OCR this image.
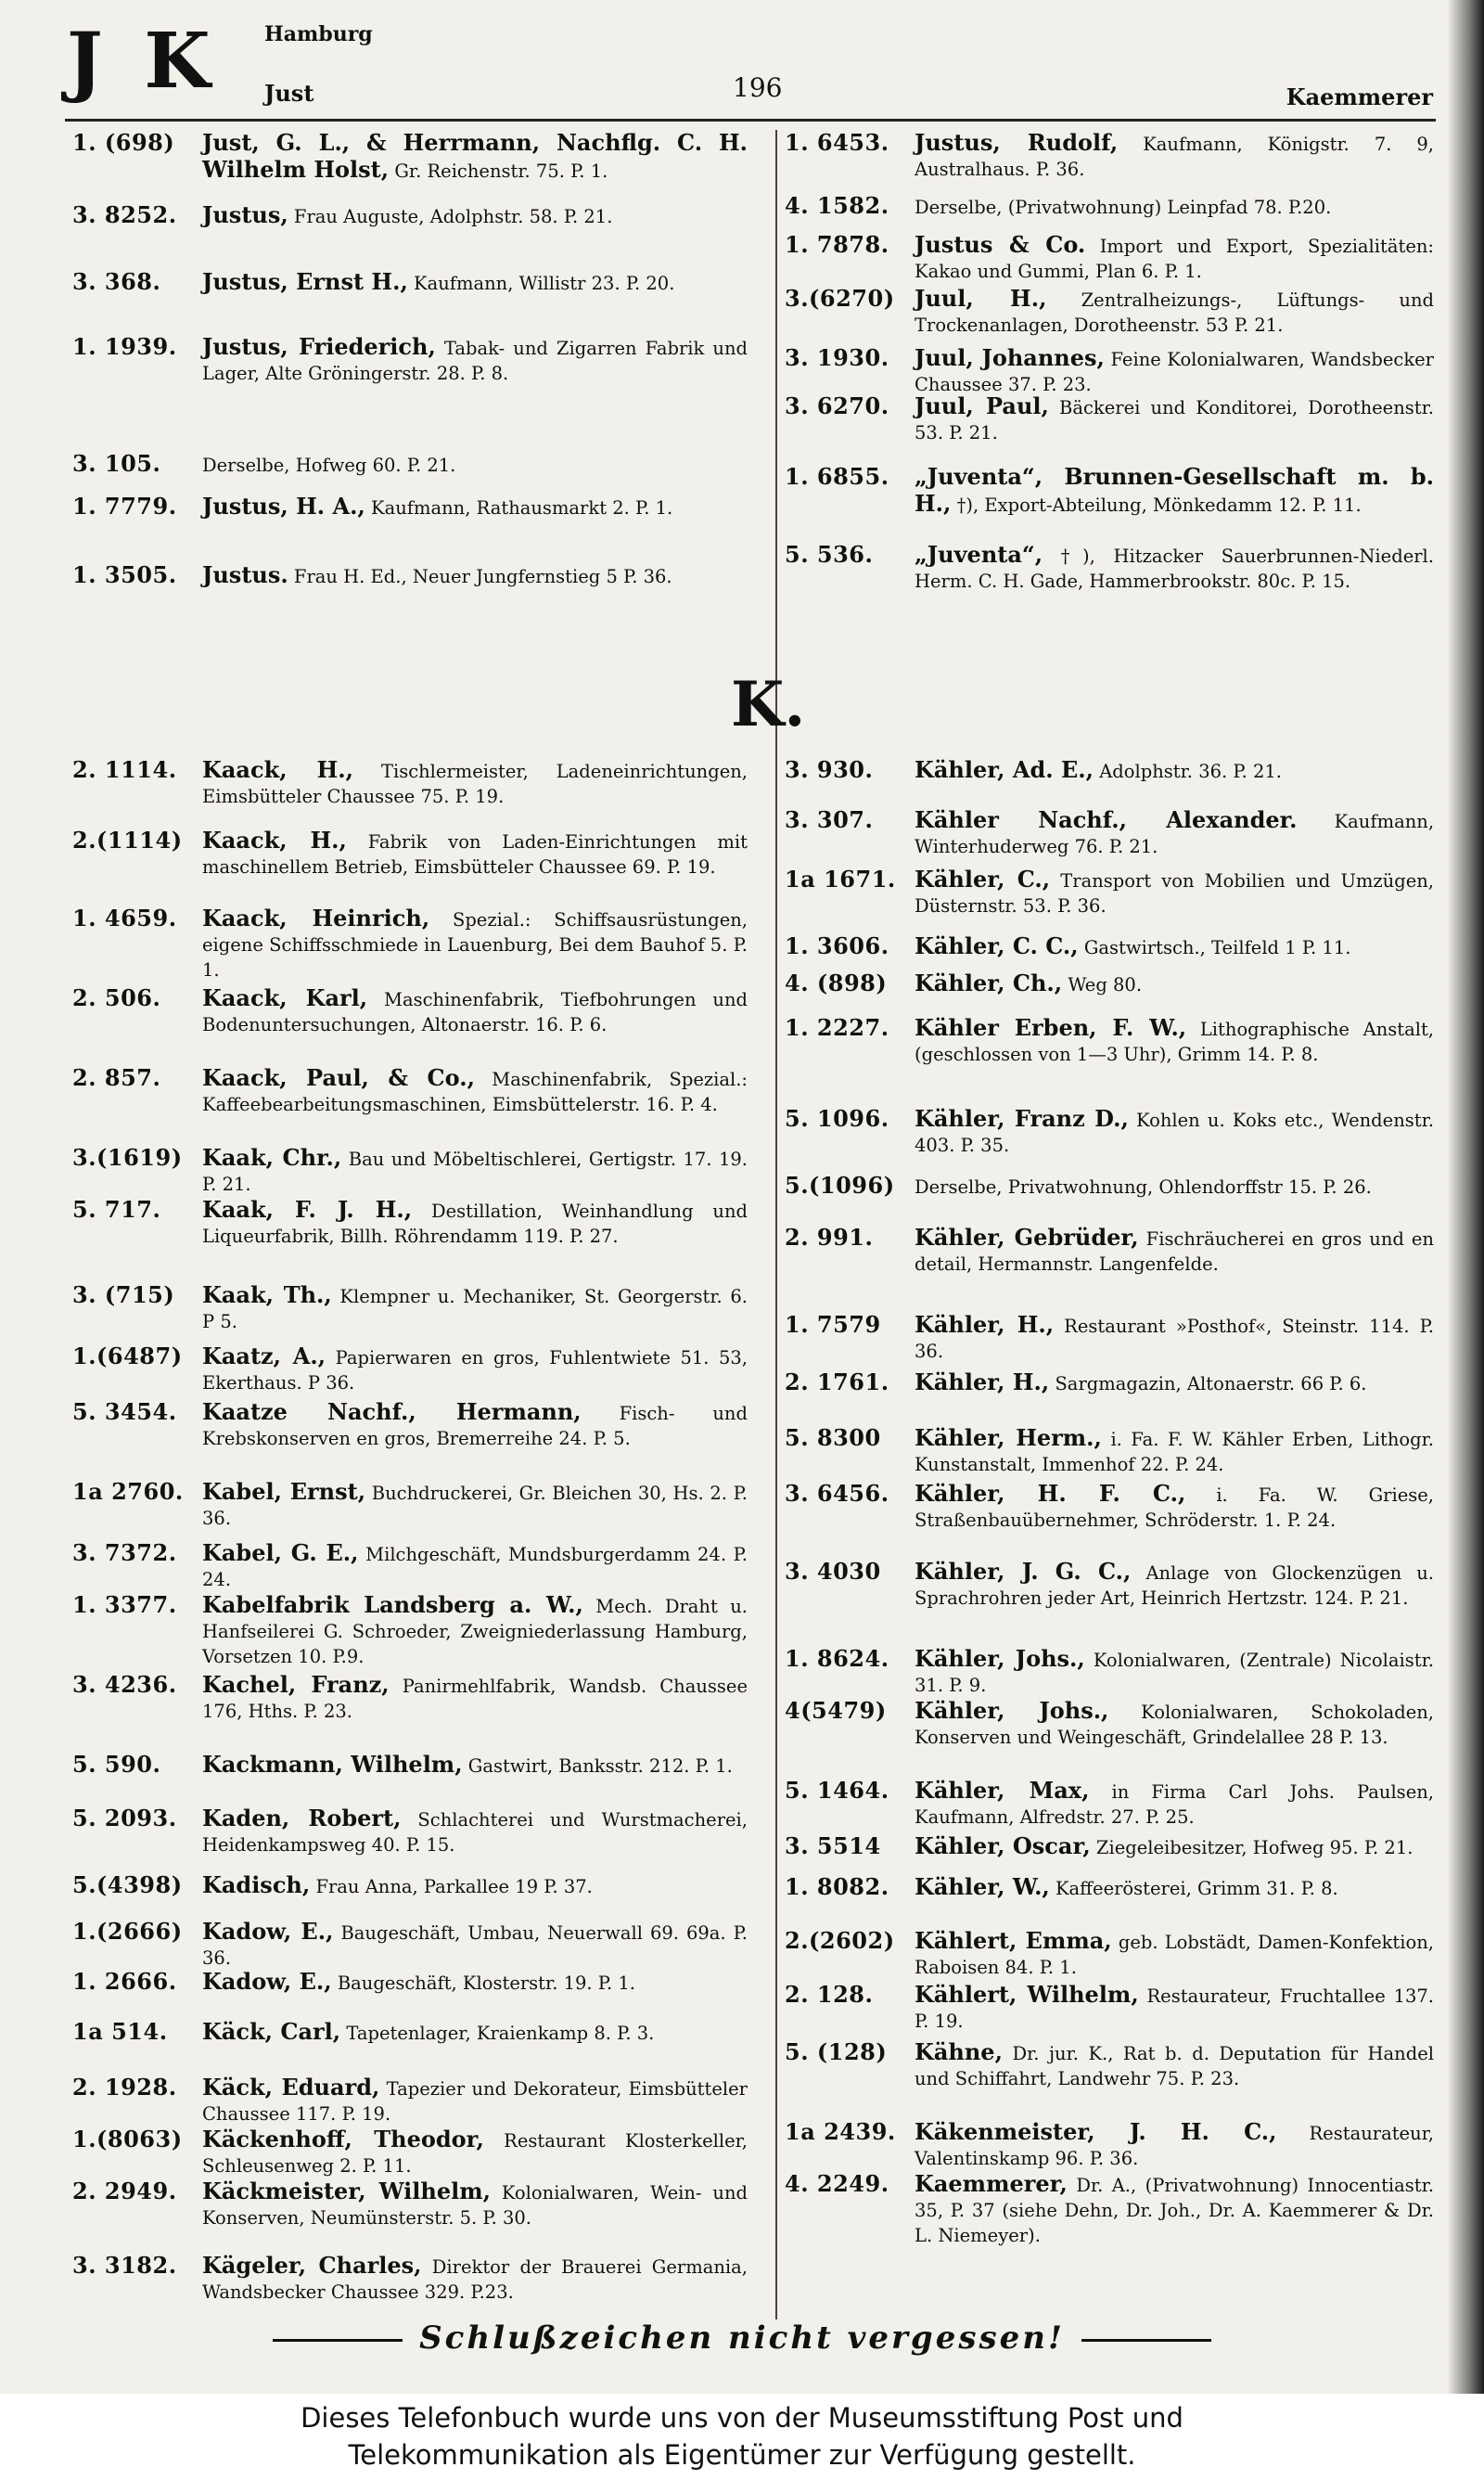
J K Hamburg
Just	196	Kaemmerer
1. (698)	Just, G. L., & Herrmann, Nachflg. C. H. Wilhelm Holst, Gr. Reichenstr. 75. P. 1.
3. 8252.	Justus, Frau Auguste, Adolphstr. 58. P. 21.
3. 368.	Justus, Ernst H., Kaufmann, Willistr 23. P. 20.
1. 1939.	Justus, Friederich, Tabak- und Zigarren Fabrik und Lager, Alte Gröningerstr. 28. P. 8.
3. 105.	Derselbe, Hofweg 60. P. 21.
1. 7779.	Justus, H. A., Kaufmann, Rathausmarkt 2. P. 1.
1. 3505.	Justus. Frau H. Ed., Neuer Jungfernstieg 5 P. 36.
2. 1114.	Kaack, H., Tischlermeister, Ladeneinrichtungen, Eimsbütteler Chaussee 75. P. 19.
2.(1114) Kaack, H., Fabrik von Laden-Einrichtungen mit maschinellem Betrieb, Eimsbütteler Chaussee 69. P. 19.
1. 4659.	Kaack, Heinrich, Spezial.: Schiffsausrüstungen, eigene Schiffsschmiede in Lauenburg, Bei dem Bauhof 5. P. 1.
2. 506.	Kaack, Karl, Maschinenfabrik, Tiefbohrungen und Bodenuntersuchungen, Altonaerstr. 16. P. 6.
2. 857.	Kaack, Paul, & Co., Maschinenfabrik, Spezial.: Kaffeebearbeitungsmaschinen, Eimsbüttelerstr. 16. P. 4.
3.(1619) Kaak, Chr., Bau und Möbeltischlerei, Gertigstr. 17. 19. P. 21.
5. 717.	Kaak, F. J. H., Destillation, Weinhandlung und Liqueurfabrik, Billh. Röhrendamm 119. P. 27.
3. (715)	Kaak, Th., Klempner u. Mechaniker, St. Georgerstr. 6. P 5.
1.(6487) Kaatz, A., Papierwaren en gros, Fuhlentwiete 51. 53, Ekerthaus. P 36.
5. 3454.	Kaatze Nachf., Hermann, Fisch- und Krebskonserven en gros, Bremerreihe 24. P. 5.
1a 2760. Kabel, Ernst, Buchdruckerei, Gr. Bleichen 30, Hs. 2. P. 36.
3. 7372.	Kabel, G. E., Milchgeschäft, Mundsburgerdamm 24. P. 24.
1. 3377.	Kabelfabrik Landsberg a. W., Mech. Draht u. Hanfseilerei G. Schroeder, Zweigniederlassung Hamburg, Vorsetzen 10. P.9.
3. 4236.	Kachel, Franz, Panirmehlfabrik, Wandsb. Chaussee 176, Hths. P. 23.
5. 590.	Kackmann, Wilhelm, Gastwirt, Banksstr. 212. P. 1.
5. 2093.	Kaden, Robert, Schlachterei und Wurstmacherei, Heidenkampsweg 40. P. 15.
5.(4398) Kadisch, Frau Anna, Parkallee 19 P. 37.
1.(2666) Kadow, E., Baugeschäft, Umbau, Neuerwall 69. 69a. P. 36.
1. 2666.	Kadow, E., Baugeschäft, Klosterstr. 19. P. 1.
1a 514.	Käck, Carl, Tapetenlager, Kraienkamp 8. P. 3.
2. 1928.	Käck, Eduard, Tapezier und Dekorateur, Eimsbütteler Chaussee 117. P. 19.
1.(8063) Käckenhoff, Theodor, Restaurant Klosterkeller, Schleusenweg 2. P. 11.
2. 2949.	Käckmeister, Wilhelm, Kolonialwaren, Wein- und Konserven, Neumünsterstr. 5. P. 30.
3. 3182.	Kägeler, Charles, Direktor der Brauerei Germania, Wandsbecker Chaussee 329. P.23.
1. 6453.	Justus, Rudolf, Kaufmann, Königstr. 7. 9, Australhaus. P. 36.
4. 1582.	Derselbe, (Privatwohnung) Leinpfad 78. P.20.
1. 7878.	Justus & Co. Import und Export, Spezialitäten: Kakao und Gummi, Plan 6. P. 1.
3.(6270) Juul, H., Zentralheizungs-, Lüftungs- und Trockenanlagen, Dorotheenstr. 53 P. 21.
3. 1930.	Juul, Johannes, Feine Kolonialwaren, Wandsbecker Chaussee 37. P. 23.
3. 6270.	Juul, Paul, Bäckerei und Konditorei, Dorotheenstr. 53. P. 21.
1. 6855.	„Juventa“, Brunnen-Gesellschaft m. b. H., †), Export-Abteilung, Mönkedamm 12. P. 11.
5. 536.	„Juventa“, †), Hitzacker Sauerbrunnen-Niederl. Herm. C. H. Gade, Hammerbrookstr. 80c. P. 15.
3. 930.	Kähler, Ad. E., Adolphstr. 36. P. 21.
3. 307.	Kähler Nachf., Alexander. Kaufmann, Winterhuderweg 76. P. 21.
1a 1671. Kähler, C., Transport von Mobilien und Umzügen, Düsternstr. 53. P. 36.
1. 3606.	Kähler, C. C., Gastwirtsch., Teilfeld 1 P. 11.
4. (898)	Kähler, Ch., Weg 80.
1. 2227.	Kähler Erben, F. W., Lithographische Anstalt, (geschlossen von 1—3 Uhr), Grimm 14. P. 8.
5. 1096.	Kähler, Franz D., Kohlen u. Koks etc., Wendenstr. 403. P. 35.
5.(1096)	Derselbe, Privatwohnung, Ohlendorffstr 15. P. 26.
2. 991.	Kähler, Gebrüder, Fischräucherei en gros und en detail, Hermannstr. Langenfelde.
1. 7579	Kähler, H., Restaurant »Posthof«, Steinstr. 114. P. 36.
2. 1761.	Kähler, H., Sargmagazin, Altonaerstr. 66 P. 6.
5. 8300	Kähler, Herm., i. Fa. F. W. Kähler Erben, Lithogr. Kunstanstalt, Immenhof 22. P. 24.
3. 6456.	Kähler, H. F. C., i. Fa. W. Griese, Straßenbauübernehmer, Schröderstr. 1. P. 24.
3. 4030	Kähler, J. G. C., Anlage von Glockenzügen u. Sprachrohren jeder Art, Heinrich Hertzstr. 124. P. 21.
1. 8624.	Kähler, Johs., Kolonialwaren, (Zentrale) Nicolaistr. 31. P. 9.
4(5479)	Kähler, Johs., Kolonialwaren, Schokoladen, Konserven und Weingeschäft, Grindelallee 28 P. 13.
5. 1464.	Kähler, Max, in Firma Carl Johs. Paulsen, Kaufmann, Alfredstr. 27. P. 25.
3. 5514	Kähler, Oscar, Ziegeleibesitzer, Hofweg 95. P. 21.
1. 8082.	Kähler, W., Kaffeerösterei, Grimm 31. P. 8.
2.(2602) Kählert, Emma, geb. Lobstädt, Damen-Konfektion, Raboisen 84. P. 1.
2. 128.	Kählert, Wilhelm, Restaurateur, Fruchtallee 137. P. 19.
5. (128)	Kähne, Dr. jur. K., Rat b. d. Deputation für Handel und Schiffahrt, Landwehr 75. P. 23.
1a 2439. Käkenmeister, J. H. C., Restaurateur, Valentinskamp 96. P. 36.
4. 2249.	Kaemmerer, Dr. A., (Privatwohnung) Innocentiastr. 35, P. 37 (siehe Dehn, Dr. Joh., Dr. A. Kaemmerer & Dr. L. Niemeyer).
K.
Schlußzeichen nicht vergessen!
Dieses Telefonbuch wurde uns von der Museumsstiftung Post und
Telekommunikation als Eigentümer zur Verfügung gestellt.
